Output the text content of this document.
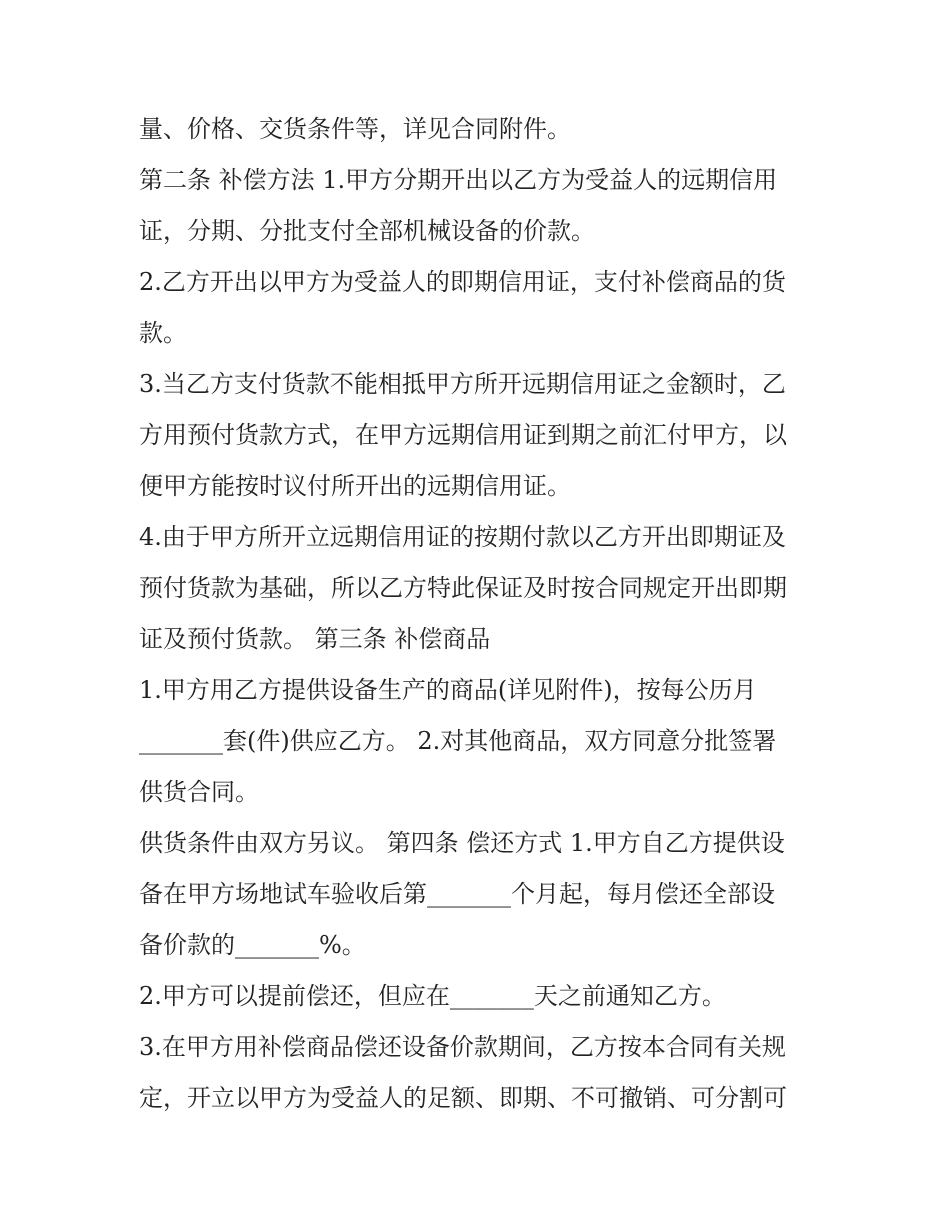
量、价格、交货条件等，详见合同附件。
第二条 补偿方法 1.甲方分期开出以乙方为受益人的远期信用
证，分期、分批支付全部机械设备的价款。
2.乙方开出以甲方为受益人的即期信用证，支付补偿商品的货
款。
3.当乙方支付货款不能相抵甲方所开远期信用证之金额时，乙
方用预付货款方式，在甲方远期信用证到期之前汇付甲方，以
便甲方能按时议付所开出的远期信用证。
4.由于甲方所开立远期信用证的按期付款以乙方开出即期证及
预付货款为基础，所以乙方特此保证及时按合同规定开出即期
证及预付货款。 第三条 补偿商品
1.甲方用乙方提供设备生产的商品(详见附件)，按每公历月
_______套(件)供应乙方。 2.对其他商品，双方同意分批签署
供货合同。
供货条件由双方另议。 第四条 偿还方式 1.甲方自乙方提供设
备在甲方场地试车验收后第_______个月起，每月偿还全部设
备价款的_______%。
2.甲方可以提前偿还，但应在_______天之前通知乙方。
3.在甲方用补偿商品偿还设备价款期间，乙方按本合同有关规
定，开立以甲方为受益人的足额、即期、不可撤销、可分割可
